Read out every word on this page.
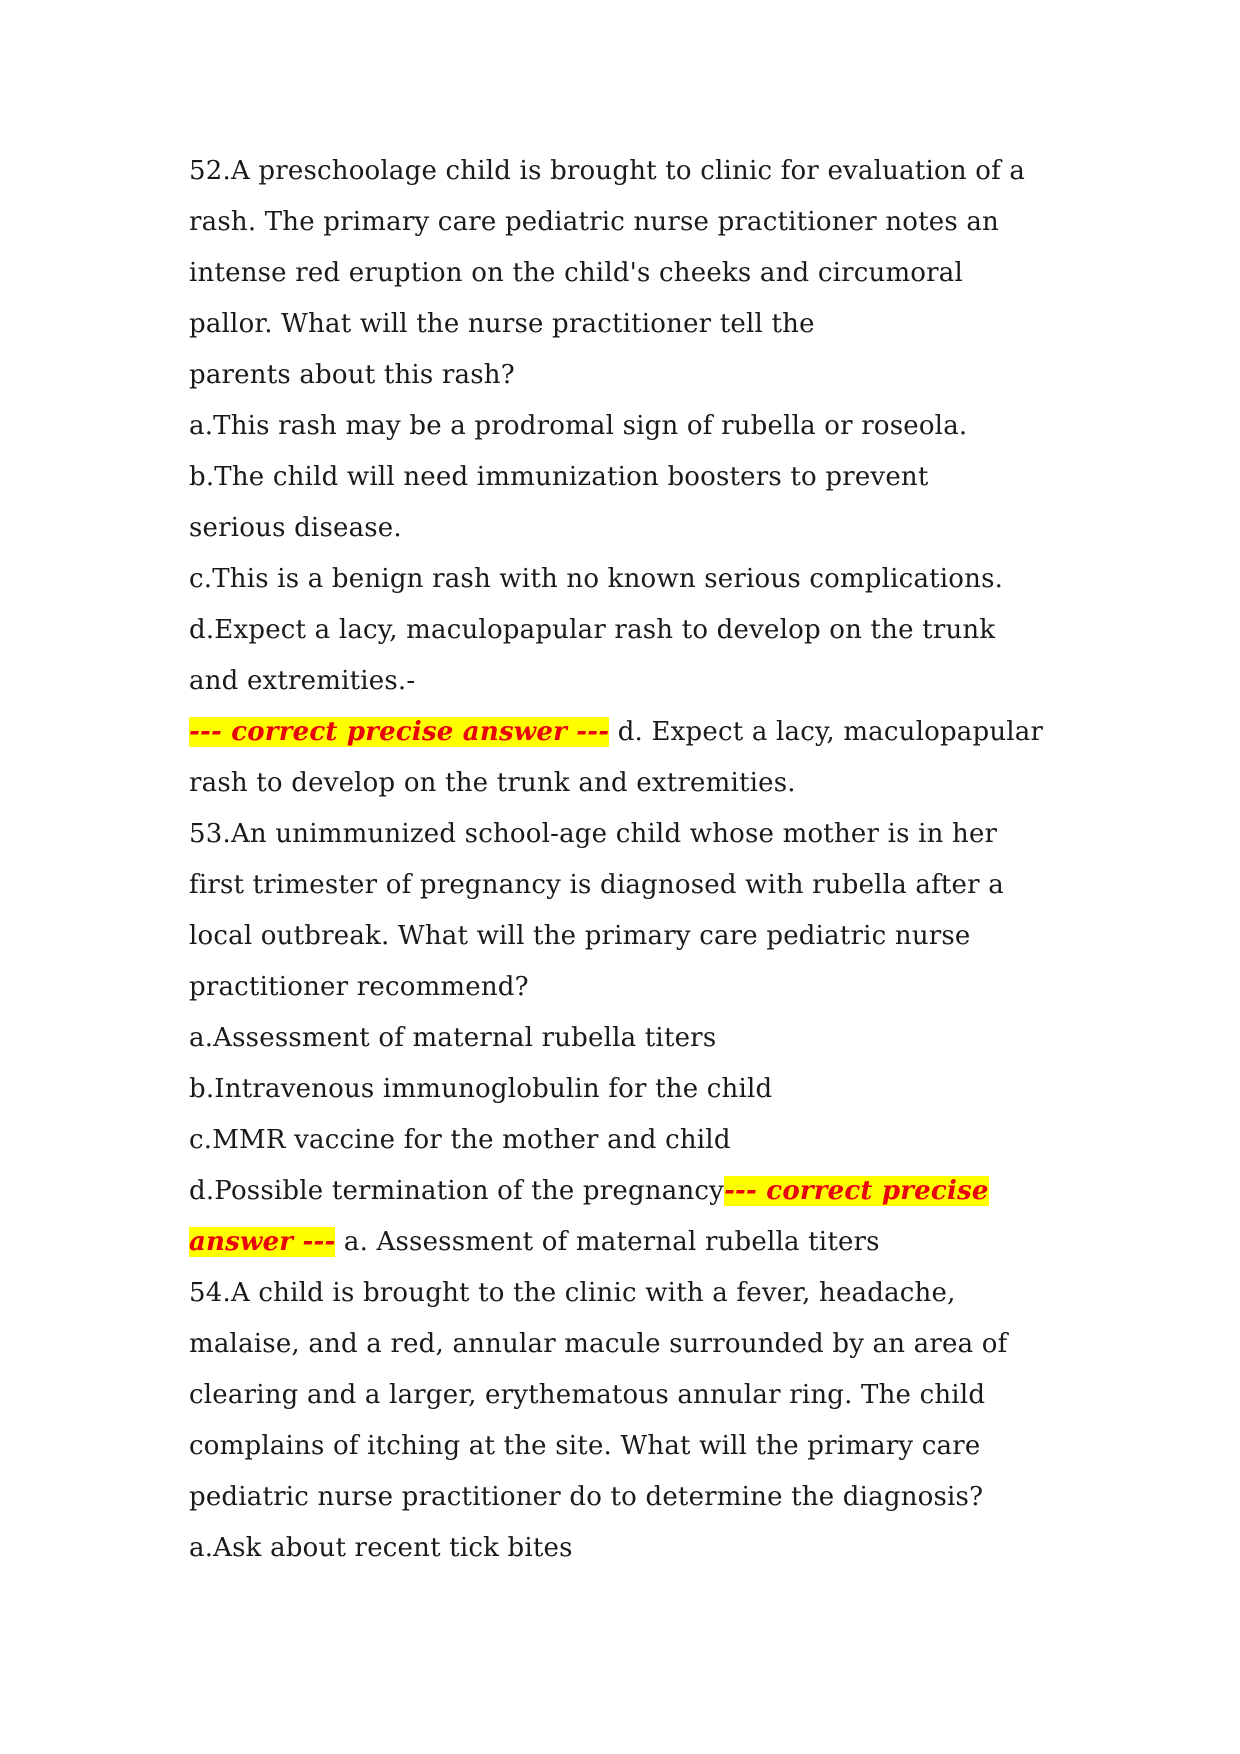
52.A preschoolage child is brought to clinic for evaluation of a
rash. The primary care pediatric nurse practitioner notes an
intense red eruption on the child's cheeks and circumoral
pallor. What will the nurse practitioner tell the
parents about this rash?
a.This rash may be a prodromal sign of rubella or roseola.
b.The child will need immunization boosters to prevent
serious disease.
c.This is a benign rash with no known serious complications.
d.Expect a lacy, maculopapular rash to develop on the trunk
and extremities.-
--- correct precise answer --- d. Expect a lacy, maculopapular
rash to develop on the trunk and extremities.
53.An unimmunized school-age child whose mother is in her
first trimester of pregnancy is diagnosed with rubella after a
local outbreak. What will the primary care pediatric nurse
practitioner recommend?
a.Assessment of maternal rubella titers
b.Intravenous immunoglobulin for the child
c.MMR vaccine for the mother and child
d.Possible termination of the pregnancy--- correct precise
answer --- a. Assessment of maternal rubella titers
54.A child is brought to the clinic with a fever, headache,
malaise, and a red, annular macule surrounded by an area of
clearing and a larger, erythematous annular ring. The child
complains of itching at the site. What will the primary care
pediatric nurse practitioner do to determine the diagnosis?
a.Ask about recent tick bites
